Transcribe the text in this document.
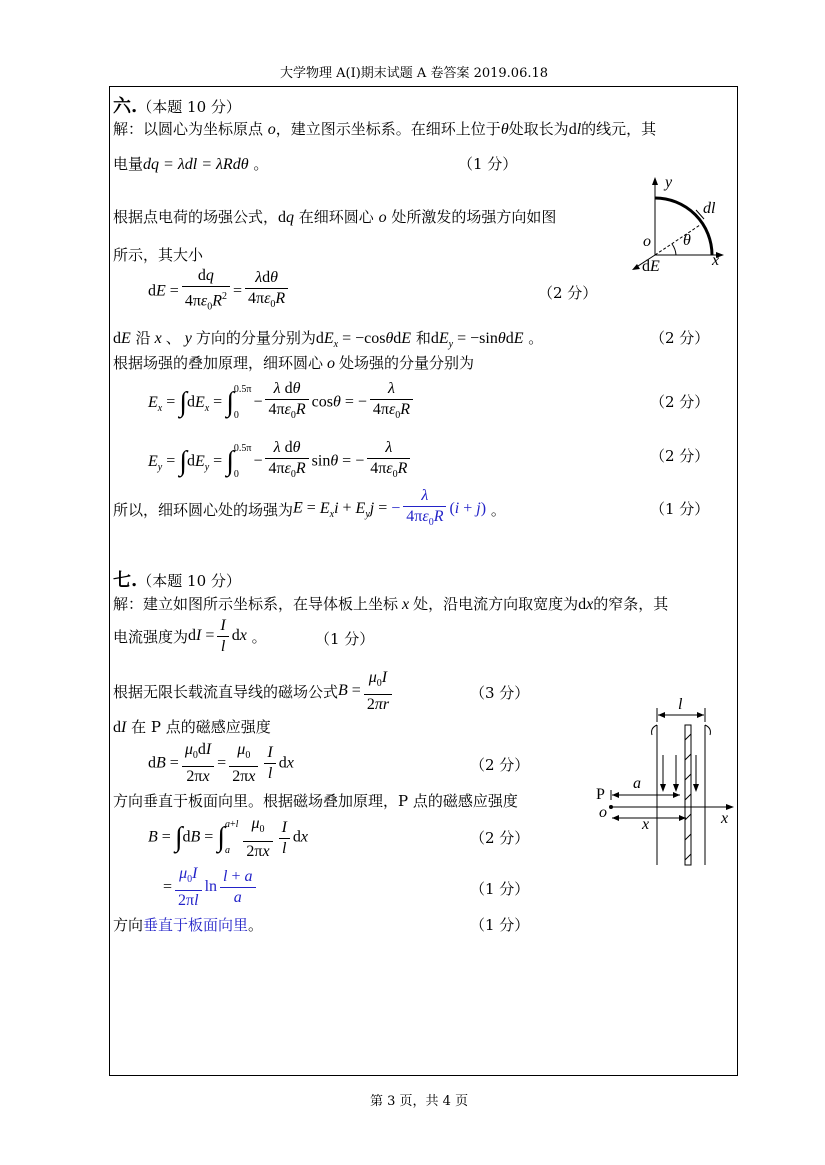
大学物理 A(I)期末试题 A 卷答案 2019.06.18
六.（本题 10 分）
解：以圆心为坐标原点 o，建立图示坐标系。在细环上位于θ处取长为dl的线元，其
电量dq = λdl = λRdθ 。	（1 分）
根据点电荷的场强公式，dq 在细环圆心 o 处所激发的场强方向如图
所示，其大小
dE = $\frac{dq}{4\pi\varepsilon_0R^2} = \frac{\text{λdθ}}{4\pi\varepsilon_0R}$	（2 分）
y
dl
o θ
x
dE
dE 沿 x 、 y 方向的分量分别为$dE_x = -\cos\theta dE$ 和$dE_y = -\sin\theta dE$ 。	（2 分）
根据场强的叠加原理，细环圆心 o 处场强的分量分别为
$E_x = \int dE_x$ = ∫ 0.5π
0
− $\frac{\text{λ dθ}}{4\pi\varepsilon_0R}$ cosθ = − $\frac{\lambda}{4\pi\varepsilon_0R}$	（2 分）
$E_y = \int dE_y$ = ∫ 0.5π
0
− $\frac{\text{λ dθ}}{4\pi\varepsilon_0R}$ sinθ = − $\frac{\lambda}{4\pi\varepsilon_0R}$	（2 分）
所以，细环圆心处的场强为$E = E_xi + E_yj$ = − $\frac{\lambda}{4\pi\varepsilon_0R} (i + j)$ 。	（1 分）
七.（本题 10 分）
解：建立如图所示坐标系，在导体板上坐标 x 处，沿电流方向取宽度为dx的窄条，其
电流强度为dI = $\frac{I}{l}$ dx 。	（1 分）
根据无限长载流直导线的磁场公式$B = \frac{\mu_0I}{2\pi r}$	（3 分）
dI 在 P 点的磁感应强度
dB = $\frac{\mu_0dI}{2\pi x} = \frac{\mu_0}{2\pi x} \frac{I}{l}$ dx	（2 分）
方向垂直于板面向里。根据磁场叠加原理，P 点的磁感应强度
B = ∫dB = ∫ a+l
a $\frac{\mu_0}{2\pi x} \frac{I}{l}$ dx	（2 分）
= $\frac{\mu_0I}{2\pi l}$ $\ln \frac{l + a}{a}$	（1 分）
方向垂直于板面向里。	（1 分）
l
a
P
o
x	x
第 3 页，共 4 页
